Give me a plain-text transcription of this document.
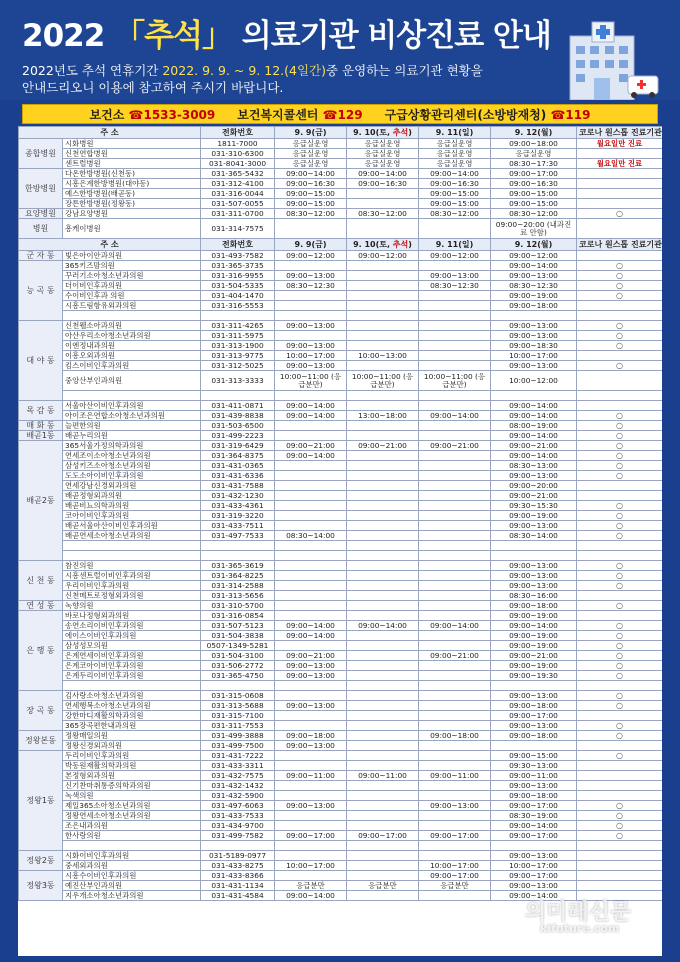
2022 「추석」 의료기관 비상진료 안내
2022년도 추석 연휴기간 2022. 9. 9. ~ 9. 12.(4일간)중 운영하는 의료기관 현황을
안내드리오니 이용에 참고하여 주시기 바랍니다.
보건소 ☎1533-3009 보건복지콜센터 ☎129 구급상황관리센터(소방방재청) ☎119
주 소		전화번호	9. 9(금)	9. 10(토, 추석)	9. 11(일)	9. 12(월)	코로나 원스톱 진료기관
종합병원	시화병원	1811-7000	응급실운영	응급실운영	응급실운영	09:00~18:00	월요일만 진료
	신천연합병원	031-310-6300	응급실운영	응급실운영	응급실운영	응급실운영	
	센트럴병원	031-8041-3000	응급실운영	응급실운영	응급실운영	08:30~17:30	월요일만 진료
한방병원	다온한방병원(신천동)	031-365-5432	09:00~14:00	09:00~14:00	09:00~14:00	09:00~17:00	
	시흥은계한방병원(대야동)	031-312-4100	09:00~16:30	09:00~16:30	09:00~16:30	09:00~16:30	
	예스한방병원(배곧동)	031-316-0044	09:00~15:00		09:00~15:00	09:00~15:00	
	장튼한방병원(정왕동)	031-507-0055	09:00~15:00		09:00~15:00	09:00~15:00	
요양병원	강남요양병원	031-311-0700	08:30~12:00	08:30~12:00	08:30~12:00	08:30~12:00	○
병원	흥케이병원	031-314-7575				09:00~20:00 (내과진료 안함)	
주 소		전화번호	9. 9(금)	9. 10(토, 추석)	9. 11(일)	9. 12(월)	코로나 원스톱 진료기관
군 자 동	빛은아이안과의원	031-493-7582	09:00~12:00	09:00~12:00	09:00~12:00	09:00~12:00	
능 곡 동	365키즈맘의원	031-365-3735				09:00~14:00	○
	꾸러기소아청소년과의원	031-316-9955	09:00~13:00		09:00~13:00	09:00~13:00	○
	더이비인후과의원	031-504-5335	08:30~12:30		08:30~12:30	08:30~12:30	○
	수이비인후과 의원	031-404-1470				09:00~19:00	○
	시흥드림항유외과의원	031-316-5553				09:00~18:00	

대 야 동	신천웰소아과의원	031-311-4265	09:00~13:00			09:00~13:00	○
	아산우리소아청소년과의원	031-311-5975				09:00~13:00	○
	이엔정내과의원	031-313-1900	09:00~13:00			09:00~18:30	○
	이흥오외과의원	031-313-9775	10:00~17:00	10:00~13:00		10:00~17:00	
	킴스이비인후과의원	031-312-5025	09:00~13:00			09:00~13:00	○
	중앙산부인과의원	031-313-3333	10:00~11:00 (응급분만)	10:00~11:00 (응급분만)	10:00~11:00 (응급분만)	10:00~12:00	

목 감 동	서울아산이비인후과의원	031-411-0871	09:00~14:00			09:00~14:00	
	아이조은연합소아청소년과의원	031-439-8838	09:00~14:00	13:00~18:00	09:00~14:00	09:00~14:00	○
매 화 동	늘편한의원	031-503-6500				08:00~19:00	○
배곧1동	배곧누리의원	031-499-2223				09:00~14:00	○
배곧2동	365서울가정의학과의원	031-319-6429	09:00~21:00	09:00~21:00	09:00~21:00	09:00~21:00	○
	연세조이소아청소년과의원	031-364-8375	09:00~14:00			09:00~14:00	○
	삼성키즈소아청소년과의원	031-431-0365				08:30~13:00	○
	도도소아이비인후과의원	031-431-6336				09:00~13:00	○
	연세강남신경외과의원	031-431-7588				09:00~20:00	
	배곧정형외과의원	031-432-1230				09:00~21:00	
	배곧비뇨의학과의원	031-433-4361				09:30~15:30	○
	코아이비인후과의원	031-319-3220				09:00~19:00	○
	배곧서울아산이비인후과의원	031-433-7511				09:00~13:00	○
	배곧연세소아청소년과의원	031-497-7533	08:30~14:00			08:30~14:00	○

신 천 동	참진의원	031-365-3619				09:00~13:00	○
	시흥센트럴이비인후과의원	031-364-8225				09:00~13:00	○
	우리이비인후과의원	031-314-2588				09:00~13:00	○
	신천메트로정형외과의원	031-313-5656				08:30~16:00	
연 성 동	녹향의원	031-310-5700				09:00~18:00	○
은 행 동	바로나정형외과의원	031-316-0854				09:00~19:00	
	송연소리이비인후과의원	031-507-5123	09:00~14:00	09:00~14:00	09:00~14:00	09:00~14:00	○
	에이스이비인후과의원	031-504-3838	09:00~14:00			09:00~19:00	○
	삼성성모의원	0507-1349-5281				09:00~19:00	○
	은계연세이비인후과의원	031-504-3100	09:00~21:00		09:00~21:00	09:00~21:00	○
	은계코아이비인후과의원	031-506-2772	09:00~13:00			09:00~19:00	○
	은계두리이비인후과의원	031-365-4750	09:00~13:00			09:00~19:30	○

장 곡 동	김사랑소아청소년과의원	031-315-0608				09:00~13:00	○
	연세행복소아청소년과의원	031-313-5688	09:00~13:00			09:00~18:00	○
	강한마디재활의학과의원	031-315-7100				09:00~17:00	
	365장곡편한내과의원	031-311-7553				09:00~13:00	○
정왕본동	정왕매일의원	031-499-3888	09:00~18:00		09:00~18:00	09:00~18:00	○
	정왕신경외과의원	031-499-7500	09:00~13:00				
정왕1동	두리이비인후과의원	031-431-7222				09:00~15:00	○
	박동원재활의학과의원	031-433-3311				09:30~13:00	
	본정형외과의원	031-432-7575	09:00~11:00	09:00~11:00	09:00~11:00	09:00~11:00	
	신기찬마취통증의학과의원	031-432-1432				09:00~13:00	
	녹색의원	031-432-5900				09:00~18:00	
	제일365소아청소년과의원	031-497-6063	09:00~13:00		09:00~13:00	09:00~17:00	○
	정왕연세소아청소년과의원	031-433-7533				08:30~19:00	○
	조은내과의원	031-434-9700				09:00~14:00	○
	한사랑의원	031-499-7582	09:00~17:00	09:00~17:00	09:00~17:00	09:00~17:00	○

정왕2동	시화이비인후과의원	031-5189-0977				09:00~13:00	
	중세외과의원	031-433-8275	10:00~17:00		10:00~17:00	10:00~17:00	
정왕3동	시흥수이비인후과의원	031-433-8366			09:00~17:00	09:00~17:00	
	예진산부인과의원	031-431-1134	응급분만	응급분만	응급분만	09:00~13:00	
	지우개소아청소년과의원	031-431-4584	09:00~14:00			09:00~14:00	
의미래신문
kifuture.com
